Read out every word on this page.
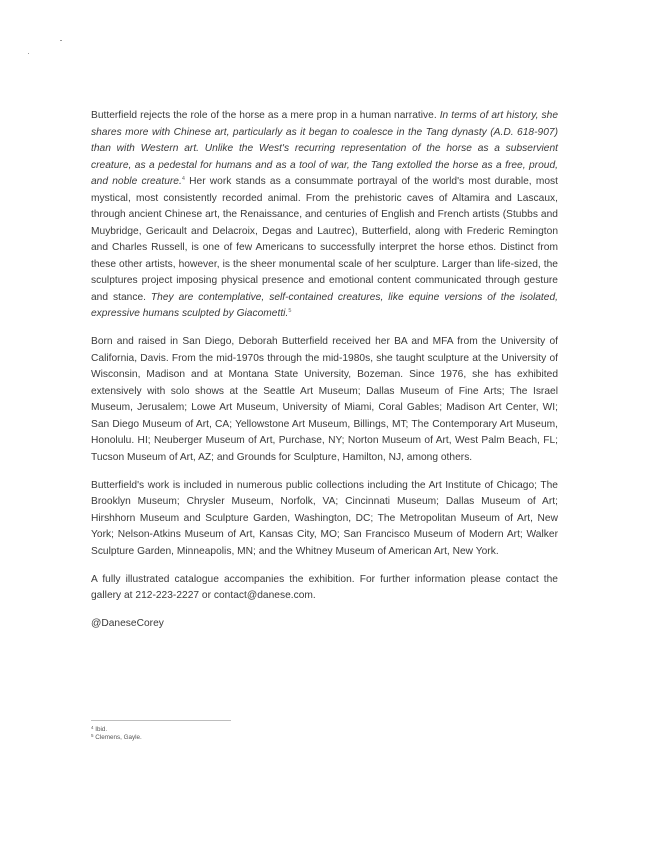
Butterfield rejects the role of the horse as a mere prop in a human narrative. In terms of art history, she shares more with Chinese art, particularly as it began to coalesce in the Tang dynasty (A.D. 618-907) than with Western art. Unlike the West's recurring representation of the horse as a subservient creature, as a pedestal for humans and as a tool of war, the Tang extolled the horse as a free, proud, and noble creature.$^4$ Her work stands as a consummate portrayal of the world's most durable, most mystical, most consistently recorded animal. From the prehistoric caves of Altamira and Lascaux, through ancient Chinese art, the Renaissance, and centuries of English and French artists (Stubbs and Muybridge, Gericault and Delacroix, Degas and Lautrec), Butterfield, along with Frederic Remington and Charles Russell, is one of few Americans to successfully interpret the horse ethos. Distinct from these other artists, however, is the sheer monumental scale of her sculpture. Larger than life-sized, the sculptures project imposing physical presence and emotional content communicated through gesture and stance. They are contemplative, self-contained creatures, like equine versions of the isolated, expressive humans sculpted by Giacometti.$^5$

Born and raised in San Diego, Deborah Butterfield received her BA and MFA from the University of California, Davis. From the mid-1970s through the mid-1980s, she taught sculpture at the University of Wisconsin, Madison and at Montana State University, Bozeman. Since 1976, she has exhibited extensively with solo shows at the Seattle Art Museum; Dallas Museum of Fine Arts; The Israel Museum, Jerusalem; Lowe Art Museum, University of Miami, Coral Gables; Madison Art Center, WI; San Diego Museum of Art, CA; Yellowstone Art Museum, Billings, MT; The Contemporary Art Museum, Honolulu. HI; Neuberger Museum of Art, Purchase, NY; Norton Museum of Art, West Palm Beach, FL; Tucson Museum of Art, AZ; and Grounds for Sculpture, Hamilton, NJ, among others.

Butterfield's work is included in numerous public collections including the Art Institute of Chicago; The Brooklyn Museum; Chrysler Museum, Norfolk, VA; Cincinnati Museum; Dallas Museum of Art; Hirshhorn Museum and Sculpture Garden, Washington, DC; The Metropolitan Museum of Art, New York; Nelson-Atkins Museum of Art, Kansas City, MO; San Francisco Museum of Modern Art; Walker Sculpture Garden, Minneapolis, MN; and the Whitney Museum of American Art, New York.

A fully illustrated catalogue accompanies the exhibition. For further information please contact the gallery at 212-223-2227 or contact@danese.com.

@DaneseCorey

$^4$ Ibid.
$^5$ Clemens, Gayle.
